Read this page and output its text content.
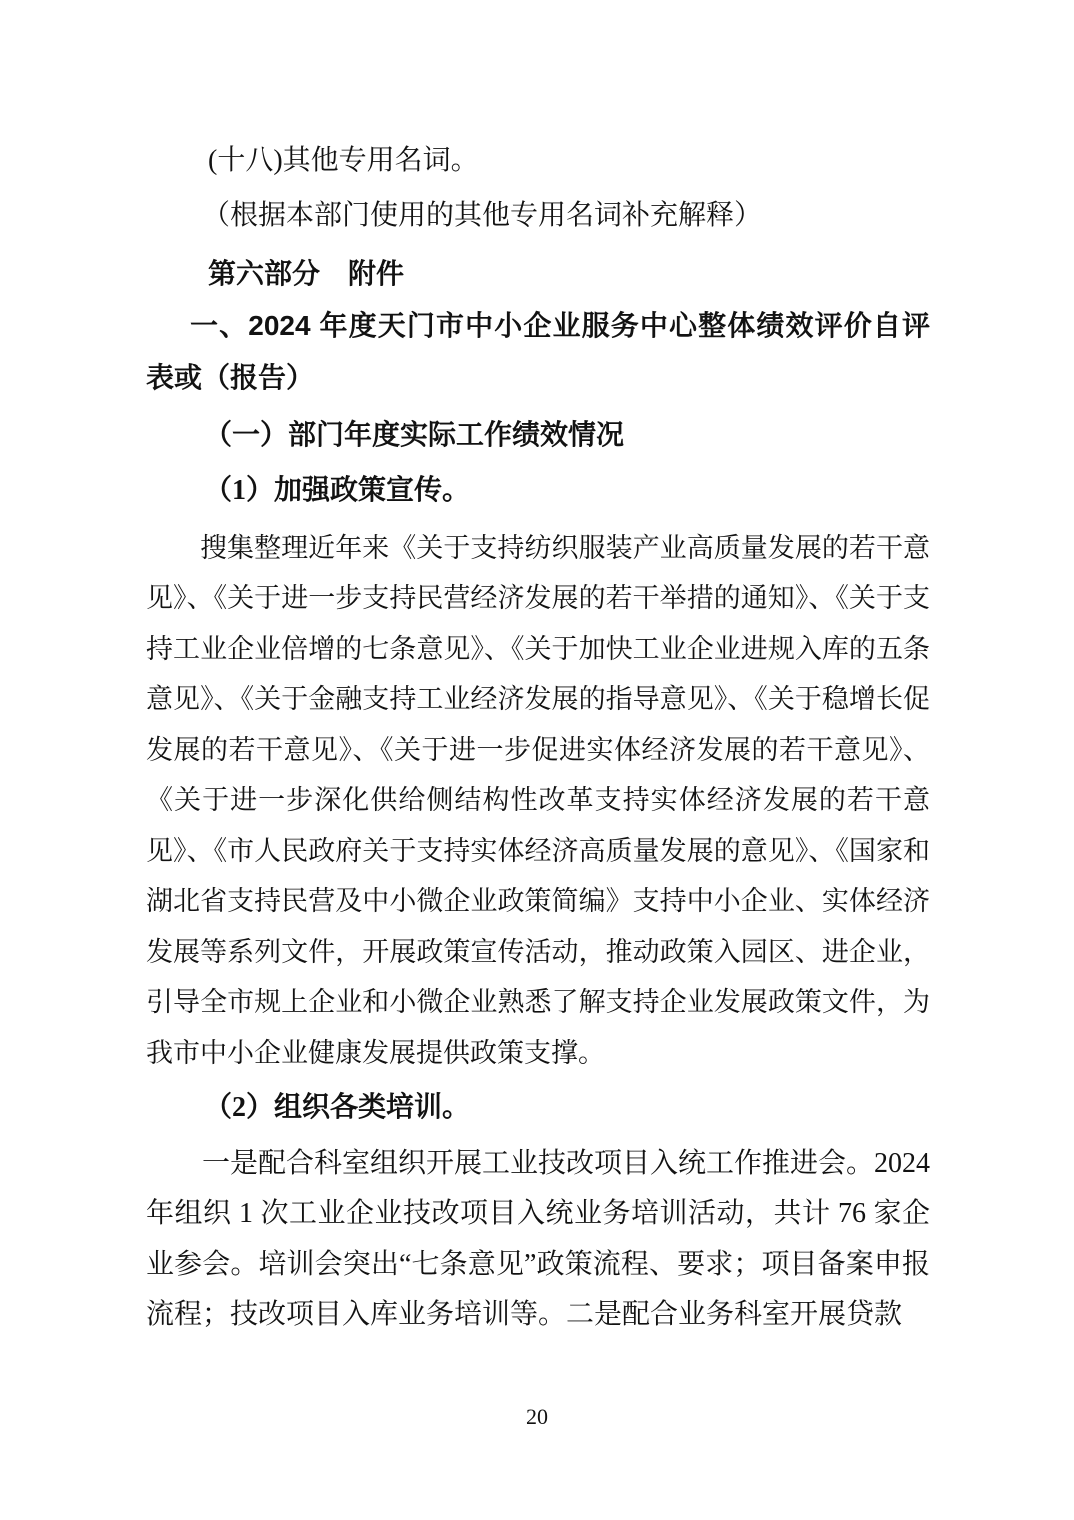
(十八)其他专用名词。

（根据本部门使用的其他专用名词补充解释）

第六部分　附件

一、2024 年度天门市中小企业服务中心整体绩效评价自评表或（报告）

（一）部门年度实际工作绩效情况

（1）加强政策宣传。

搜集整理近年来《关于支持纺织服装产业高质量发展的若干意见》、《关于进一步支持民营经济发展的若干举措的通知》、《关于支持工业企业倍增的七条意见》、《关于加快工业企业进规入库的五条意见》、《关于金融支持工业经济发展的指导意见》、《关于稳增长促发展的若干意见》、《关于进一步促进实体经济发展的若干意见》、《关于进一步深化供给侧结构性改革支持实体经济发展的若干意见》、《市人民政府关于支持实体经济高质量发展的意见》、《国家和湖北省支持民营及中小微企业政策简编》支持中小企业、实体经济发展等系列文件，开展政策宣传活动，推动政策入园区、进企业，引导全市规上企业和小微企业熟悉了解支持企业发展政策文件，为我市中小企业健康发展提供政策支撑。

（2）组织各类培训。

一是配合科室组织开展工业技改项目入统工作推进会。2024 年组织 1 次工业企业技改项目入统业务培训活动，共计 76 家企业参会。培训会突出“七条意见”政策流程、要求；项目备案申报流程；技改项目入库业务培训等。二是配合业务科室开展贷款

20
